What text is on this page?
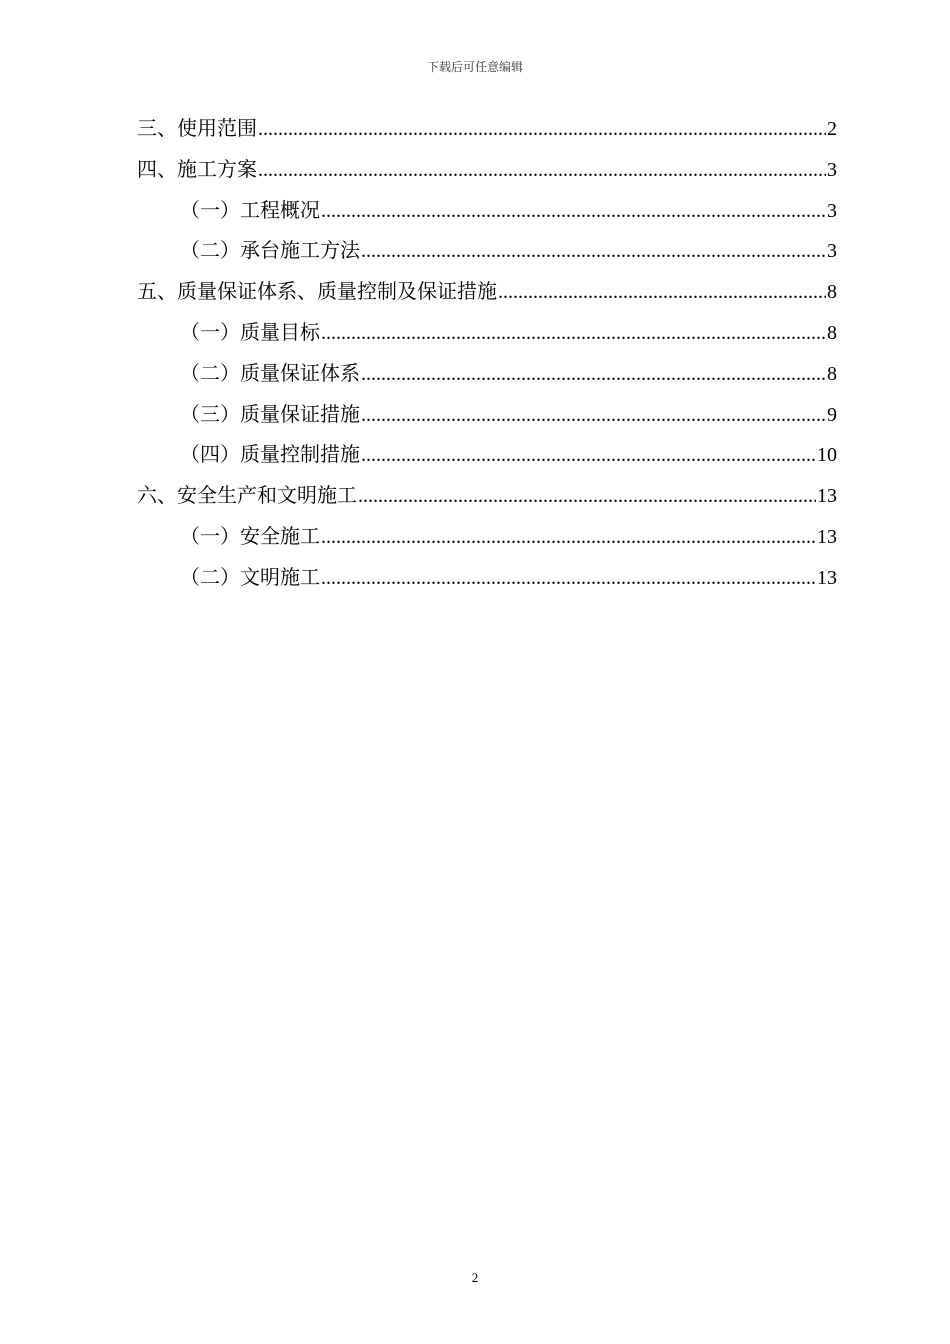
下载后可任意编辑
三、使用范围 .....	2
四、施工方案 .....	3
（一）工程概况 .....	3
（二）承台施工方法 .....	3
五、质量保证体系、质量控制及保证措施 .....	8
（一）质量目标 .....	8
（二）质量保证体系 .....	8
（三）质量保证措施 .....	9
（四）质量控制措施 .....	10
六、安全生产和文明施工 .....	13
（一）安全施工 .....	13
（二）文明施工 .....	13
2
